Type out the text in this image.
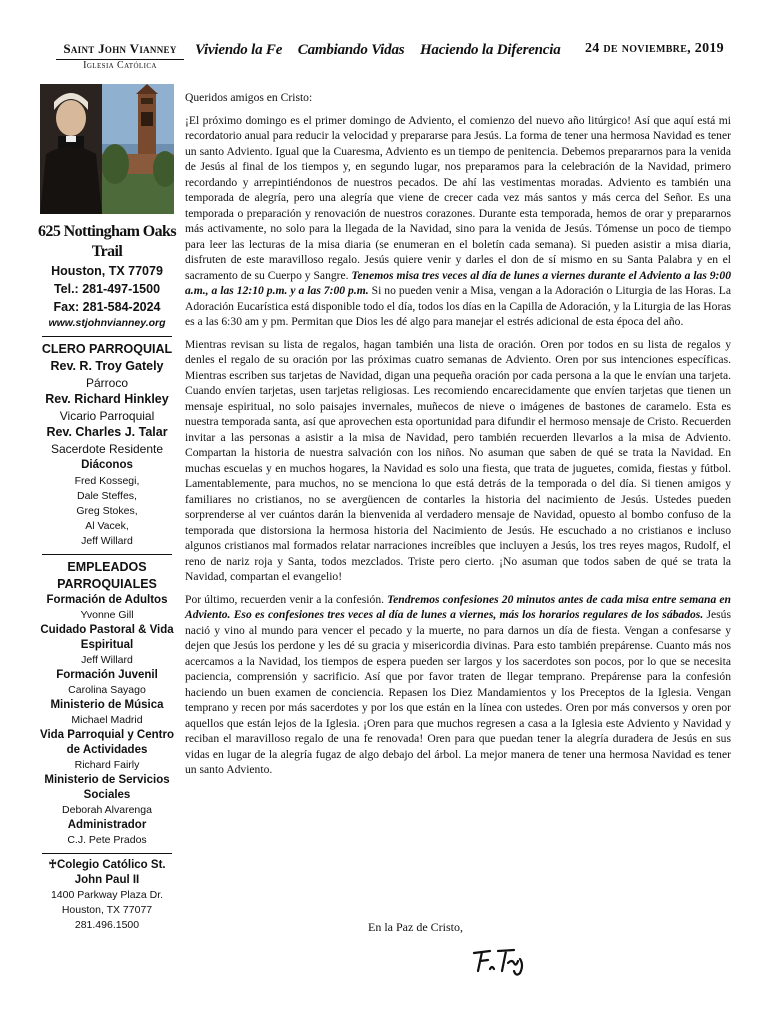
Saint John Vianney
Iglesia Católica
Viviendo la Fe Cambiando Vidas Haciendo la Diferencia	24 de noviembre, 2019
625 Nottingham Oaks Trail
Houston, TX 77079
Tel.: 281-497-1500
Fax: 281-584-2024
www.stjohnvianney.org
CLERO PARROQUIAL
Rev. R. Troy Gately
Párroco
Rev. Richard Hinkley
Vicario Parroquial
Rev. Charles J. Talar
Sacerdote Residente
Diáconos
Fred Kossegi,
Dale Steffes,
Greg Stokes,
Al Vacek,
Jeff Willard
EMPLEADOS PARROQUIALES
Formación de Adultos
Yvonne Gill
Cuidado Pastoral & Vida Espiritual
Jeff Willard
Formación Juvenil
Carolina Sayago
Ministerio de Música
Michael Madrid
Vida Parroquial y Centro de Actividades
Richard Fairly
Ministerio de Servicios Sociales
Deborah Alvarenga
Administrador
C.J. Pete Prados
♰Colegio Católico St. John Paul II
1400 Parkway Plaza Dr.
Houston, TX 77077
281.496.1500

Queridos amigos en Cristo:

¡El próximo domingo es el primer domingo de Adviento, el comienzo del nuevo año litúrgico! Así que aquí está mi recordatorio anual para reducir la velocidad y prepararse para Jesús. La forma de tener una hermosa Navidad es tener un santo Adviento. Igual que la Cuaresma, Adviento es un tiempo de penitencia. Debemos prepararnos para la venida de Jesús al final de los tiempos y, en segundo lugar, nos preparamos para la celebración de la Navidad, primero recordando y arrepintiéndonos de nuestros pecados. De ahí las vestimentas moradas. Adviento es también una temporada de alegría, pero una alegría que viene de crecer cada vez más santos y más cerca del Señor. Es una temporada o preparación y renovación de nuestros corazones. Durante esta temporada, hemos de orar y prepararnos más activamente, no solo para la llegada de la Navidad, sino para la venida de Jesús. Tómense un poco de tiempo para leer las lecturas de la misa diaria (se enumeran en el boletín cada semana). Si pueden asistir a misa diaria, disfruten de este maravilloso regalo. Jesús quiere venir y darles el don de sí mismo en su Santa Palabra y en el sacramento de su Cuerpo y Sangre. Tenemos misa tres veces al día de lunes a viernes durante el Adviento a las 9:00 a.m., a las 12:10 p.m. y a las 7:00 p.m. Si no pueden venir a Misa, vengan a la Adoración o Liturgia de las Horas. La Adoración Eucarística está disponible todo el día, todos los días en la Capilla de Adoración, y la Liturgia de las Horas es a las 6:30 am y pm. Permitan que Dios les dé algo para manejar el estrés adicional de esta época del año.

Mientras revisan su lista de regalos, hagan también una lista de oración. Oren por todos en su lista de regalos y denles el regalo de su oración por las próximas cuatro semanas de Adviento. Oren por sus intenciones específicas. Mientras escriben sus tarjetas de Navidad, digan una pequeña oración por cada persona a la que le envían una tarjeta. Cuando envíen tarjetas, usen tarjetas religiosas. Les recomiendo encarecidamente que envíen tarjetas que tienen un mensaje espiritual, no solo paisajes invernales, muñecos de nieve o imágenes de bastones de caramelo. Esta es nuestra temporada santa, así que aprovechen esta oportunidad para difundir el hermoso mensaje de Cristo. Recuerden invitar a las personas a asistir a la misa de Navidad, pero también recuerden llevarlos a la misa de Adviento. Compartan la historia de nuestra salvación con los niños. No asuman que saben de qué se trata la Navidad. En muchas escuelas y en muchos hogares, la Navidad es solo una fiesta, que trata de juguetes, comida, fiestas y fútbol. Lamentablemente, para muchos, no se menciona lo que está detrás de la temporada o del día. Si tienen amigos y familiares no cristianos, no se avergüencen de contarles la historia del nacimiento de Jesús. Ustedes pueden sorprenderse al ver cuántos darán la bienvenida al verdadero mensaje de Navidad, opuesto al bombo confuso de la temporada que distorsiona la hermosa historia del Nacimiento de Jesús. He escuchado a no cristianos e incluso algunos cristianos mal formados relatar narraciones increíbles que incluyen a Jesús, los tres reyes magos, Rudolf, el reno de nariz roja y Santa, todos mezclados. Triste pero cierto. ¡No asuman que todos saben de qué se trata la Navidad, compartan el evangelio!

Por último, recuerden venir a la confesión. Tendremos confesiones 20 minutos antes de cada misa entre semana en Adviento. Eso es confesiones tres veces al día de lunes a viernes, más los horarios regulares de los sábados. Jesús nació y vino al mundo para vencer el pecado y la muerte, no para darnos un día de fiesta. Vengan a confesarse y dejen que Jesús los perdone y les dé su gracia y misericordia divinas. Para esto también prepárense. Cuanto más nos acercamos a la Navidad, los tiempos de espera pueden ser largos y los sacerdotes son pocos, por lo que se necesita paciencia, comprensión y sacrificio. Así que por favor traten de llegar temprano. Prepárense para la confesión haciendo un buen examen de conciencia. Repasen los Diez Mandamientos y los Preceptos de la Iglesia. Vengan temprano y recen por más sacerdotes y por los que están en la línea con ustedes. Oren por más conversos y oren por aquellos que están lejos de la Iglesia. ¡Oren para que muchos regresen a casa a la Iglesia este Adviento y Navidad y reciban el maravilloso regalo de una fe renovada! Oren para que puedan tener la alegría duradera de Jesús en sus vidas en lugar de la alegría fugaz de algo debajo del árbol. La mejor manera de tener una hermosa Navidad es tener un santo Adviento.

En la Paz de Cristo,
